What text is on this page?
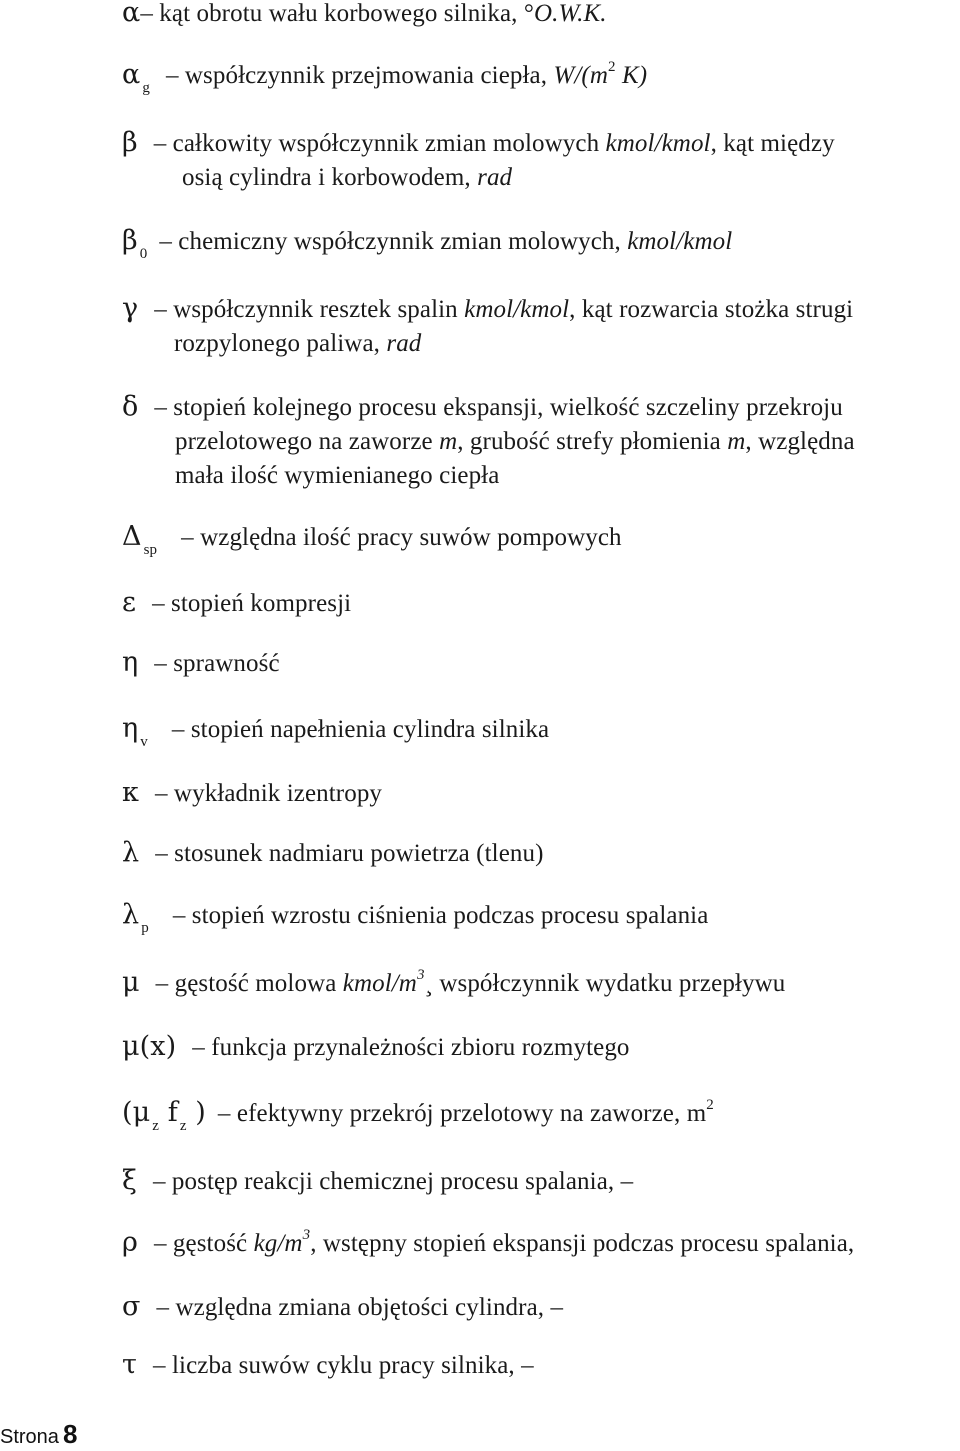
α– kąt obrotu wału korbowego silnika, °O.W.K.
α $_g$ – współczynnik przejmowania ciepła, $W/(m^2$ K)
β – całkowity współczynnik zmian molowych kmol/kmol, kąt między
osią cylindra i korbowodem, rad
β $_0$ – chemiczny współczynnik zmian molowych, kmol/kmol
γ – współczynnik resztek spalin kmol/kmol, kąt rozwarcia stożka strugi
rozpylonego paliwa, rad
δ – stopień kolejnego procesu ekspansji, wielkość szczeliny przekroju
przelotowego na zaworze m, grubość strefy płomienia m, względna
mała ilość wymienianego ciepła
Δ $_{sp}$ – względna ilość pracy suwów pompowych
ε – stopień kompresji
η – sprawność
η $_v$ – stopień napełnienia cylindra silnika
κ – wykładnik izentropy
λ – stosunek nadmiaru powietrza (tlenu)
λ $_p$ – stopień wzrostu ciśnienia podczas procesu spalania
μ – gęstość molowa kmol/$m^3¸$ współczynnik wydatku przepływu
μ(x) – funkcja przynależności zbioru rozmytego
(μ $_z$ f $_z$ ) – efektywny przekrój przelotowy na zaworze, $m^2$
ξ – postęp reakcji chemicznej procesu spalania, –
ρ – gęstość $kg/m^3$, wstępny stopień ekspansji podczas procesu spalania,
σ – względna zmiana objętości cylindra, –
τ – liczba suwów cyklu pracy silnika, –
Strona 8
